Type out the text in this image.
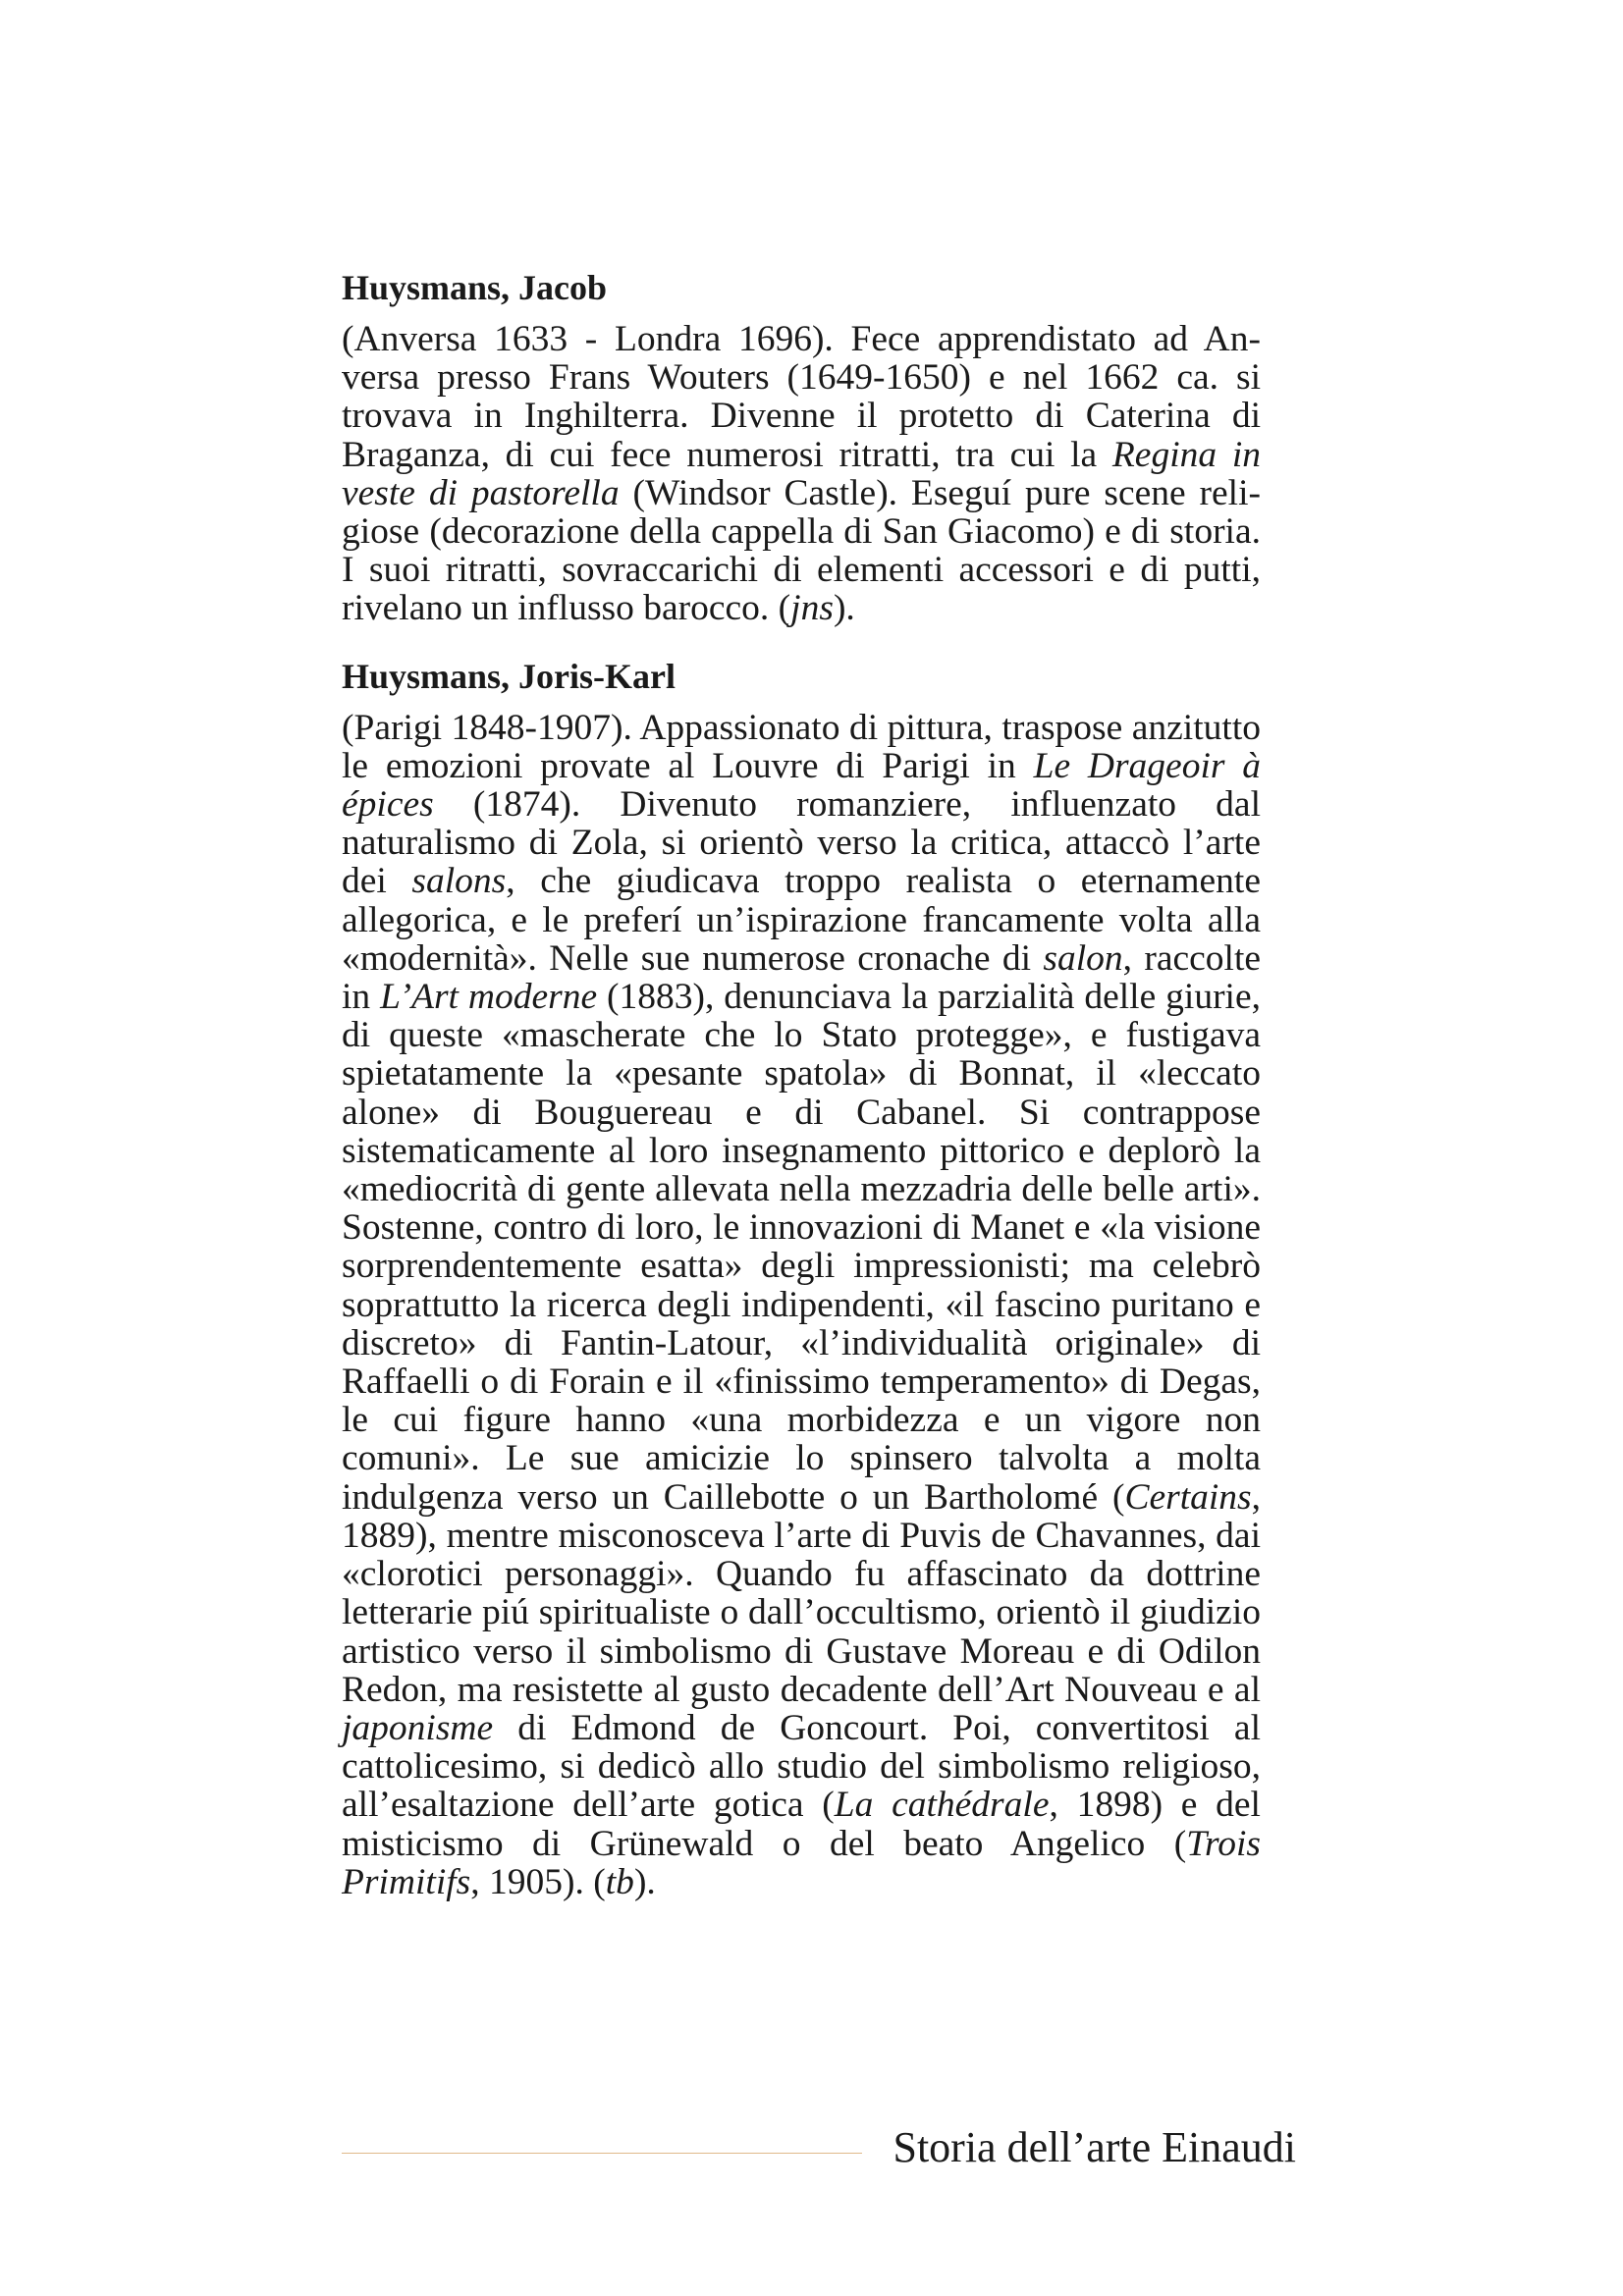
Huysmans, Jacob

(Anversa 1633 - Londra 1696). Fece apprendistato ad Anversa presso Frans Wouters (1649-1650) e nel 1662 ca. si trovava in Inghilterra. Divenne il protetto di Caterina di Braganza, di cui fece numerosi ritratti, tra cui la Regina in veste di pastorella (Windsor Castle). Eseguí pure scene religiose (decorazione della cappella di San Giacomo) e di storia. I suoi ritratti, sovraccarichi di elementi accessori e di putti, rivelano un influsso barocco. (jns).

Huysmans, Joris-Karl

(Parigi 1848-1907). Appassionato di pittura, traspose anzitutto le emozioni provate al Louvre di Parigi in Le Drageoir à épices (1874). Divenuto romanziere, influenzato dal naturalismo di Zola, si orientò verso la critica, attaccò l’arte dei salons, che giudicava troppo realista o eternamente allegorica, e le preferí un’ispirazione francamente volta alla «modernità». Nelle sue numerose cronache di salon, raccolte in L’Art moderne (1883), denunciava la parzialità delle giurie, di queste «mascherate che lo Stato protegge», e fustigava spietatamente la «pesante spatola» di Bonnat, il «leccato alone» di Bouguereau e di Cabanel. Si contrappose sistematicamente al loro insegnamento pittorico e deplorò la «mediocrità di gente allevata nella mezzadria delle belle arti». Sostenne, contro di loro, le innovazioni di Manet e «la visione sorprendentemente esatta» degli impressionisti; ma celebrò soprattutto la ricerca degli indipendenti, «il fascino puritano e discreto» di Fantin-Latour, «l’individualità originale» di Raffaelli o di Forain e il «finissimo temperamento» di Degas, le cui figure hanno «una morbidezza e un vigore non comuni». Le sue amicizie lo spinsero talvolta a molta indulgenza verso un Caillebotte o un Bartholomé (Certains, 1889), mentre misconosceva l’arte di Puvis de Chavannes, dai «clorotici personaggi». Quando fu affascinato da dottrine letterarie piú spiritualiste o dall’occultismo, orientò il giudizio artistico verso il simbolismo di Gustave Moreau e di Odilon Redon, ma resistette al gusto decadente dell’Art Nouveau e al japonisme di Edmond de Goncourt. Poi, convertitosi al cattolicesimo, si dedicò allo studio del simbolismo religioso, all’esaltazione dell’arte gotica (La cathédrale, 1898) e del misticismo di Grünewald o del beato Angelico (Trois Primitifs, 1905). (tb).

Storia dell’arte Einaudi
